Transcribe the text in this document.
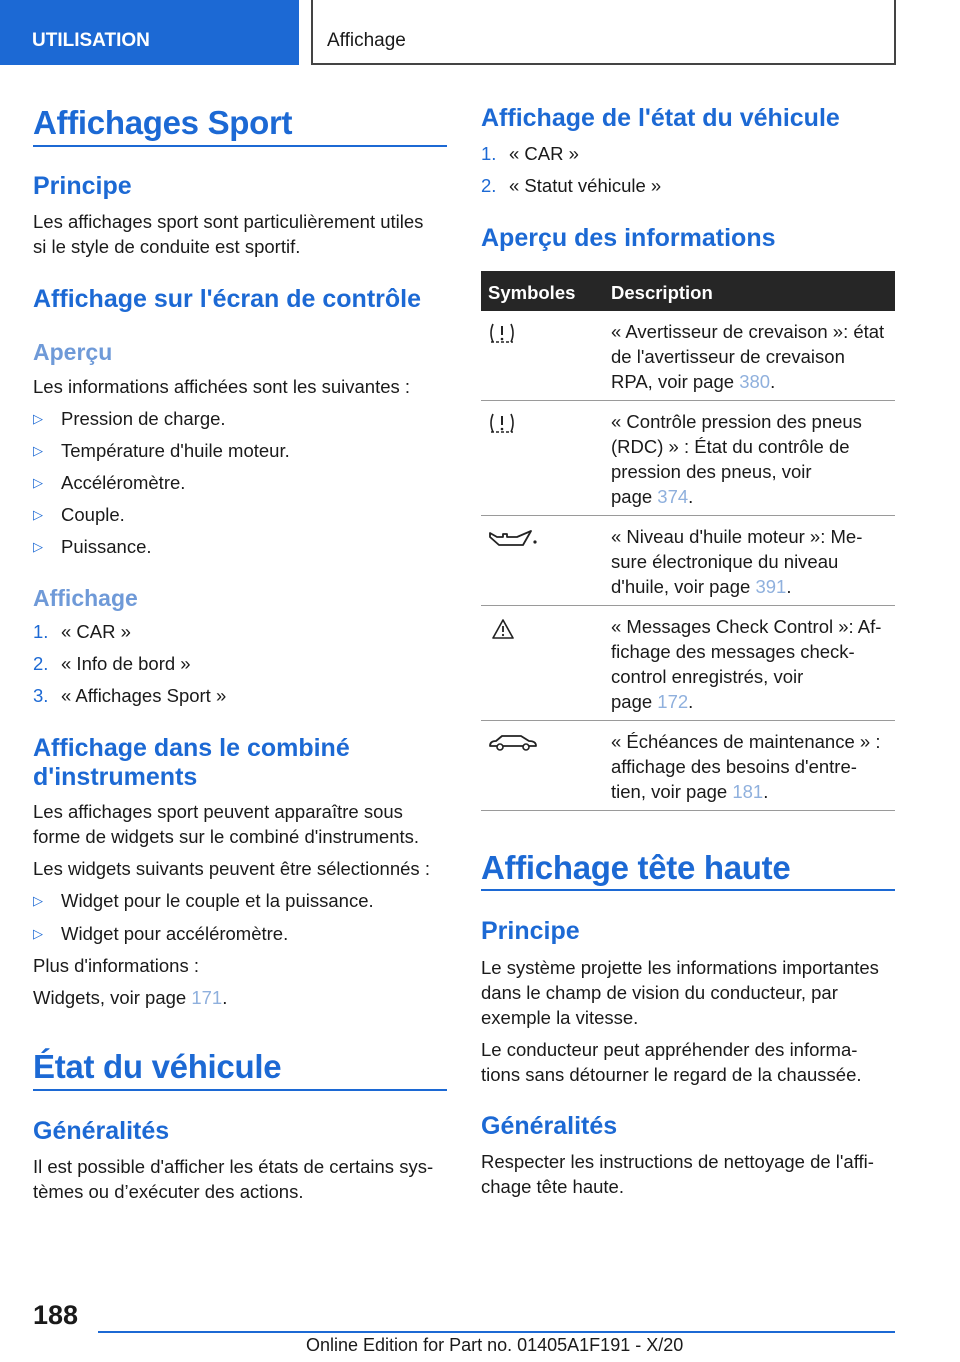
UTILISATION	Affichage
Affichages Sport
Principe
Les affichages sport sont particulièrement utiles
si le style de conduite est sportif.
Affichage sur l'écran de contrôle
Aperçu
Les informations affichées sont les suivantes :
▷ Pression de charge.
▷ Température d'huile moteur.
▷ Accéléromètre.
▷ Couple.
▷ Puissance.
Affichage
1. « CAR »
2. « Info de bord »
3. « Affichages Sport »
Affichage dans le combiné
d'instruments
Les affichages sport peuvent apparaître sous
forme de widgets sur le combiné d'instruments.
Les widgets suivants peuvent être sélectionnés :
▷ Widget pour le couple et la puissance.
▷ Widget pour accéléromètre.
Plus d'informations :
Widgets, voir page 171.
État du véhicule
Généralités
Il est possible d'afficher les états de certains sys-
tèmes ou d’exécuter des actions.
Affichage de l'état du véhicule
1. « CAR »
2. « Statut véhicule »
Aperçu des informations
Symboles Description
« Avertisseur de crevaison »: état
de l'avertisseur de crevaison
RPA, voir page 380.
« Contrôle pression des pneus
(RDC) » : État du contrôle de
pression des pneus, voir
page 374.
« Niveau d'huile moteur »: Me-
sure électronique du niveau
d'huile, voir page 391.
« Messages Check Control »: Af-
fichage des messages check-
control enregistrés, voir
page 172.
« Échéances de maintenance » :
affichage des besoins d'entre-
tien, voir page 181.
Affichage tête haute
Principe
Le système projette les informations importantes
dans le champ de vision du conducteur, par
exemple la vitesse.
Le conducteur peut appréhender des informa-
tions sans détourner le regard de la chaussée.
Généralités
Respecter les instructions de nettoyage de l'affi-
chage tête haute.
188
Online Edition for Part no. 01405A1F191 - X/20
